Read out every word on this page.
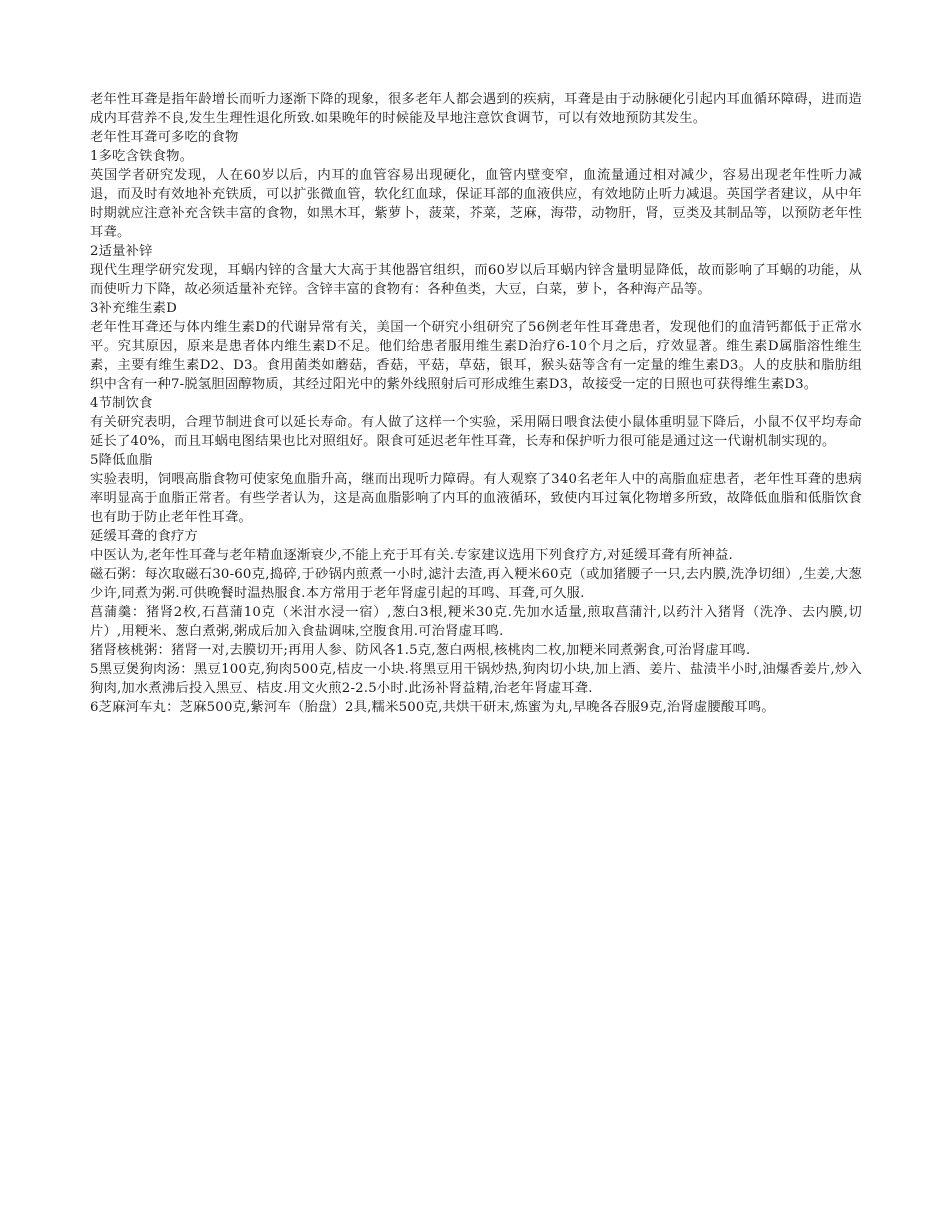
老年性耳聋是指年龄增长而听力逐渐下降的现象，很多老年人都会遇到的疾病，耳聋是由于动脉硬化引起内耳血循环障碍，进而造成内耳营养不良,发生生理性退化所致.如果晚年的时候能及早地注意饮食调节，可以有效地预防其发生。

老年性耳聋可多吃的食物

1多吃含铁食物。

英国学者研究发现，人在60岁以后，内耳的血管容易出现硬化，血管内壁变窄，血流量通过相对减少，容易出现老年性听力减退，而及时有效地补充铁质，可以扩张微血管，软化红血球，保证耳部的血液供应，有效地防止听力减退。英国学者建议，从中年时期就应注意补充含铁丰富的食物，如黑木耳，紫萝卜，菠菜，芥菜，芝麻，海带，动物肝，肾，豆类及其制品等，以预防老年性耳聋。

2适量补锌

现代生理学研究发现，耳蜗内锌的含量大大高于其他器官组织，而60岁以后耳蜗内锌含量明显降低，故而影响了耳蜗的功能，从而使听力下降，故必须适量补充锌。含锌丰富的食物有：各种鱼类，大豆，白菜，萝卜，各种海产品等。

3补充维生素D

老年性耳聋还与体内维生素D的代谢异常有关，美国一个研究小组研究了56例老年性耳聋患者，发现他们的血清钙都低于正常水平。究其原因，原来是患者体内维生素D不足。他们给患者服用维生素D治疗6-10个月之后，疗效显著。维生素D属脂溶性维生素，主要有维生素D2、D3。食用菌类如蘑菇，香菇，平菇，草菇，银耳，猴头菇等含有一定量的维生素D3。人的皮肤和脂肪组织中含有一种7-脱氢胆固醇物质，其经过阳光中的紫外线照射后可形成维生素D3，故接受一定的日照也可获得维生素D3。

4节制饮食

有关研究表明，合理节制进食可以延长寿命。有人做了这样一个实验，采用隔日喂食法使小鼠体重明显下降后，小鼠不仅平均寿命延长了40%，而且耳蜗电图结果也比对照组好。限食可延迟老年性耳聋，长寿和保护听力很可能是通过这一代谢机制实现的。

5降低血脂

实验表明，饲喂高脂食物可使家兔血脂升高，继而出现听力障碍。有人观察了340名老年人中的高脂血症患者，老年性耳聋的患病率明显高于血脂正常者。有些学者认为，这是高血脂影响了内耳的血液循环，致使内耳过氧化物增多所致，故降低血脂和低脂饮食也有助于防止老年性耳聋。

延缓耳聋的食疗方

中医认为,老年性耳聋与老年精血逐渐衰少,不能上充于耳有关.专家建议选用下列食疗方,对延缓耳聋有所神益.

磁石粥：每次取磁石30-60克,捣碎,于砂锅内煎煮一小时,滤汁去渣,再入粳米60克（或加猪腰子一只,去内膜,洗净切细）,生姜,大葱少许,同煮为粥.可供晚餐时温热服食.本方常用于老年肾虚引起的耳鸣、耳聋,可久服.

菖蒲羹：猪肾2枚,石菖蒲10克（米泔水浸一宿）,葱白3根,粳米30克.先加水适量,煎取菖蒲汁,以药汁入猪肾（洗净、去内膜,切片）,用粳米、葱白煮粥,粥成后加入食盐调味,空腹食用.可治肾虚耳鸣.

猪肾核桃粥：猪肾一对,去膜切开;再用人参、防风各1.5克,葱白两根,核桃肉二枚,加粳米同煮粥食,可治肾虚耳鸣.

5黑豆煲狗肉汤：黑豆100克,狗肉500克,桔皮一小块.将黑豆用干锅炒热,狗肉切小块,加上酒、姜片、盐渍半小时,油爆香姜片,炒入狗肉,加水煮沸后投入黑豆、桔皮.用文火煎2-2.5小时.此汤补肾益精,治老年肾虚耳聋.

6芝麻河车丸：芝麻500克,紫河车（胎盘）2具,糯米500克,共烘干研末,炼蜜为丸,早晚各吞服9克,治肾虚腰酸耳鸣。
